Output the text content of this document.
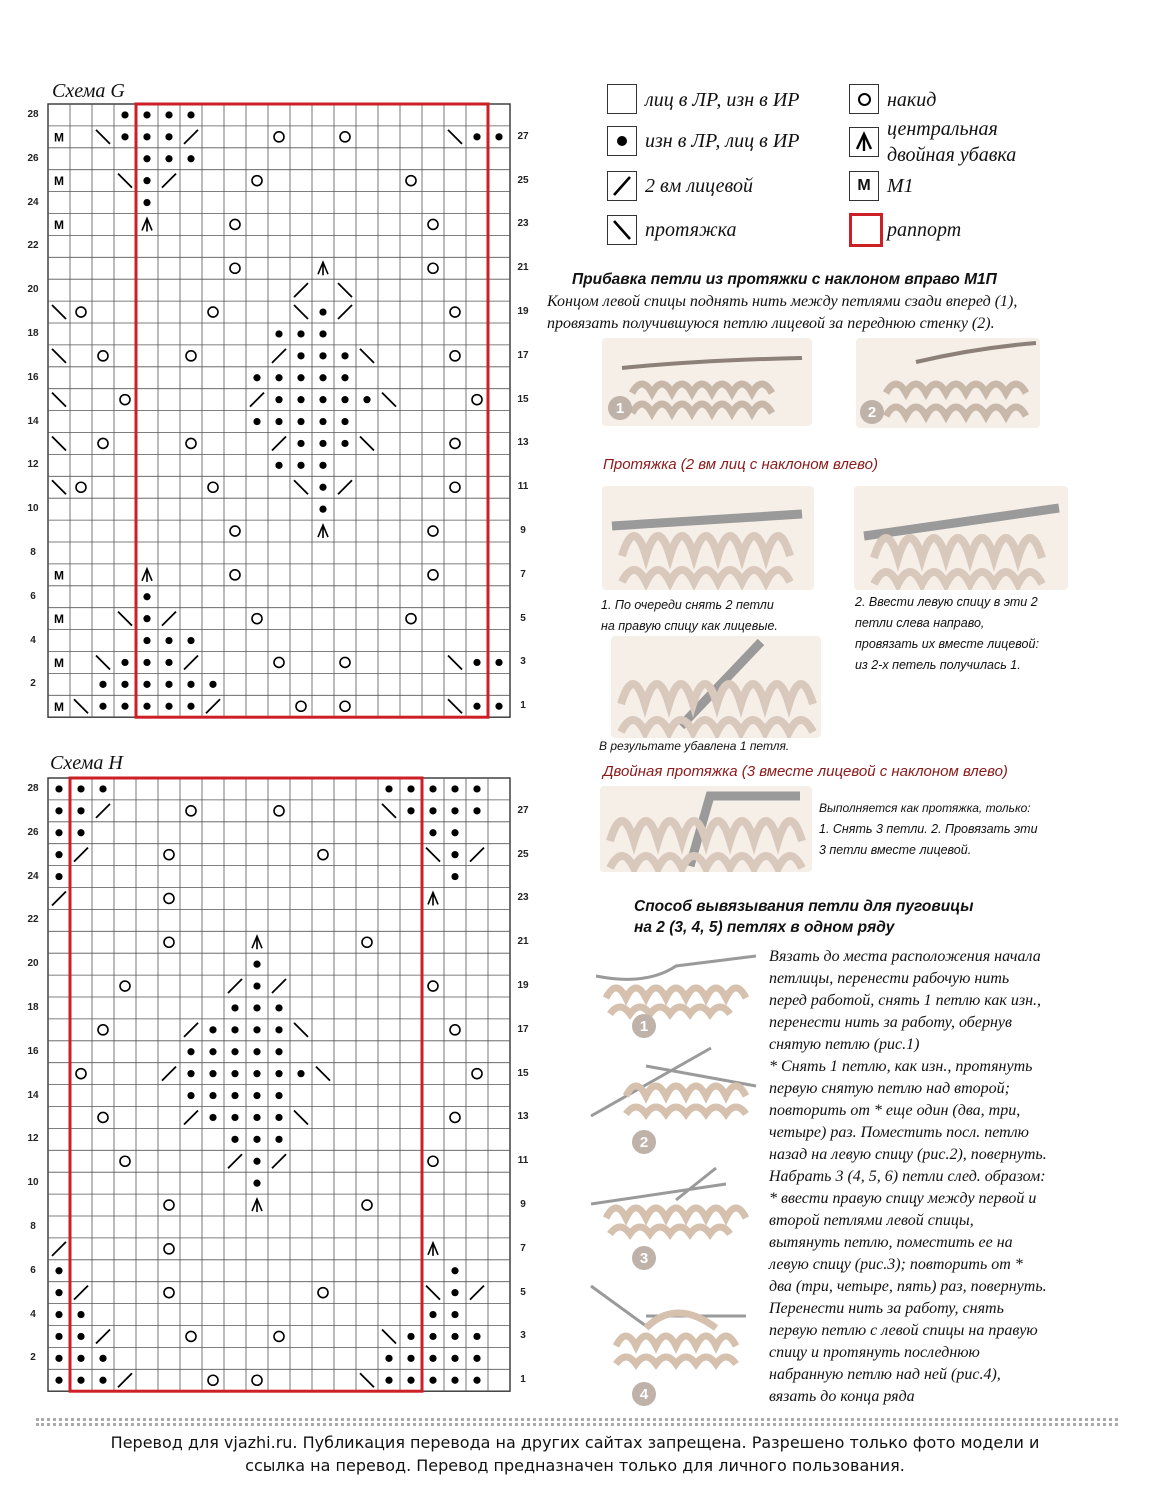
Схема G
M
M
M
M
M
M
M
28
27
26
25
24
23
22
21
20
19
18
17
16
15
14
13
12
11
10
9
8
7
6
5
4
3
2
1
Схема H
28
27
26
25
24
23
22
21
20
19
18
17
16
15
14
13
12
11
10
9
8
7
6
5
4
3
2
1
лиц в ЛР, изн в ИР
изн в ЛР, лиц в ИР
2 вм лицевой
протяжка
накид
центральная
двойная убавка
M М1
раппорт
Прибавка петли из протяжки с наклоном вправо М1П
Концом левой спицы поднять нить между петлями сзади вперед (1),
провязать получившуюся петлю лицевой за переднюю стенку (2).
1	2
Протяжка (2 вм лиц с наклоном влево)
1. По очереди снять 2 петли
на правую спицу как лицевые.
2. Ввести левую спицу в эти 2
петли слева направо,
провязать их вместе лицевой:
из 2-х петель получилась 1.
В результате убавлена 1 петля.
Двойная протяжка (3 вместе лицевой с наклоном влево)
Выполняется как протяжка, только:
1. Снять 3 петли. 2. Провязать эти
3 петли вместе лицевой.
Способ вывязывания петли для пуговицы
на 2 (3, 4, 5) петлях в одном ряду
Вязать до места расположения начала
петлицы, перенести рабочую нить
перед работой, снять 1 петлю как изн.,
перенести нить за работу, обернув
снятую петлю (рис.1)
* Снять 1 петлю, как изн., протянуть
первую снятую петлю над второй;
повторить от * еще один (два, три,
четыре) раз. Поместить посл. петлю
назад на левую спицу (рис.2), повернуть.
Набрать 3 (4, 5, 6) петли след. образом:
* ввести правую спицу между первой и
второй петлями левой спицы,
вытянуть петлю, поместить ее на
левую спицу (рис.3); повторить от *
два (три, четыре, пять) раз, повернуть.
Перенести нить за работу, снять
первую петлю с левой спицы на правую
спицу и протянуть последнюю
набранную петлю над ней (рис.4),
вязать до конца ряда
1
2
3
4
Перевод для vjazhi.ru. Публикация перевода на других сайтах запрещена. Разрешено только фото модели и
ссылка на перевод. Перевод предназначен только для личного пользования.
